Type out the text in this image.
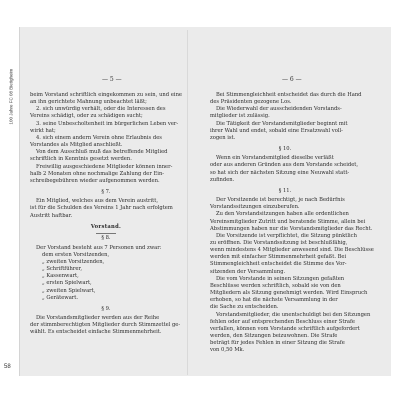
100 Jahre FC 08 Bietigheim
58
— 5 —
beim Vorstand schriftlich eingekommen zu sein, und eine
an ihn gerichtete Mahnung unbeachtet läßt;
2. sich unwürdig verhält, oder die Interessen des
Vereins schädigt, oder zu schädigen sucht;
3. seine Unbescholtenheit im bürgerlichen Leben ver-
wirkt hat;
4. sich einem andern Verein ohne Erlaubnis des
Vorstandes als Mitglied anschließt.
Von dem Ausschluß muß das betreffende Mitglied
schriftlich in Kenntnis gesetzt werden.
Freiwillig ausgeschiedene Mitglieder können inner-
halb 2 Monaten ohne nochmalige Zahlung der Ein-
schreibegebühren wieder aufgenommen werden.
§ 7.
Ein Mitglied, welches aus dem Verein austritt,
ist für die Schulden des Vereins 1 Jahr nach erfolgtem
Austritt haftbar.
Vorstand.
§ 8.
Der Vorstand besteht aus 7 Personen und zwar:
dem ersten Vorsitzenden,
„ zweiten Vorsitzenden,
„ Schriftführer,
„ Kassenwart,
„ ersten Spielwart,
„ zweiten Spielwart,
„ Gerätewart.
§ 9.
Die Vorstandsmitglieder werden aus der Reihe
der stimmberechtigten Mitglieder durch Stimmzettel ge-
wählt. Es entscheidet einfache Stimmenmehrheit.
— 6 —
Bei Stimmengleichheit entscheidet das durch die Hand
des Präsidenten gezogene Los.
Die Wiederwahl der ausscheidenden Vorstands-
mitglieder ist zulässig.
Die Tätigkeit der Vorstandsmitglieder beginnt mit
ihrer Wahl und endet, sobald eine Ersatzwahl voll-
zogen ist.
§ 10.
Wenn ein Vorstandsmitglied dieselbe verläßt
oder aus anderen Gründen aus dem Vorstande scheidet,
so hat sich der nächsten Sitzung eine Neuwahl statt-
zufinden.
§ 11.
Der Vorsitzende ist berechtigt, je nach Bedürfnis
Vorstandssitzungen einzuberufen.
Zu den Vorstandsitzungen haben alle ordentlichen
Vereinsmitglieder Zutritt und beratende Stimme, allein bei
Abstimmungen haben nur die Vorstandsmitglieder das Recht.
Die Vorsitzende ist verpflichtet, die Sitzung pünktlich
zu eröffnen. Die Vorstandssitzung ist beschlußfähig,
wenn mindestens 4 Mitglieder anwesend sind. Die Beschlüsse
werden mit einfacher Stimmenmehrheit gefaßt. Bei
Stimmengleichheit entscheidet die Stimme des Vor-
sitzenden der Versammlung.
Die vom Vorstande in seinen Sitzungen gefaßten
Beschlüsse werden schriftlich, sobald sie von den
Mitgliedern als Sitzung genehmigt werden. Wird Einspruch
erhoben, so hat die nächste Versammlung in der
die Sache zu entscheiden.
Vorstandsmitglieder, die unentschuldigt bei den Sitzungen
fehlen oder auf entsprechenden Beschluss einer Strafe
verfallen, können vom Vorstande schriftlich aufgefordert
werden, den Sitzungen beizuwohnen. Die Strafe
beträgt für jedes Fehlen in einer Sitzung die Strafe
von 0,50 Mk.
